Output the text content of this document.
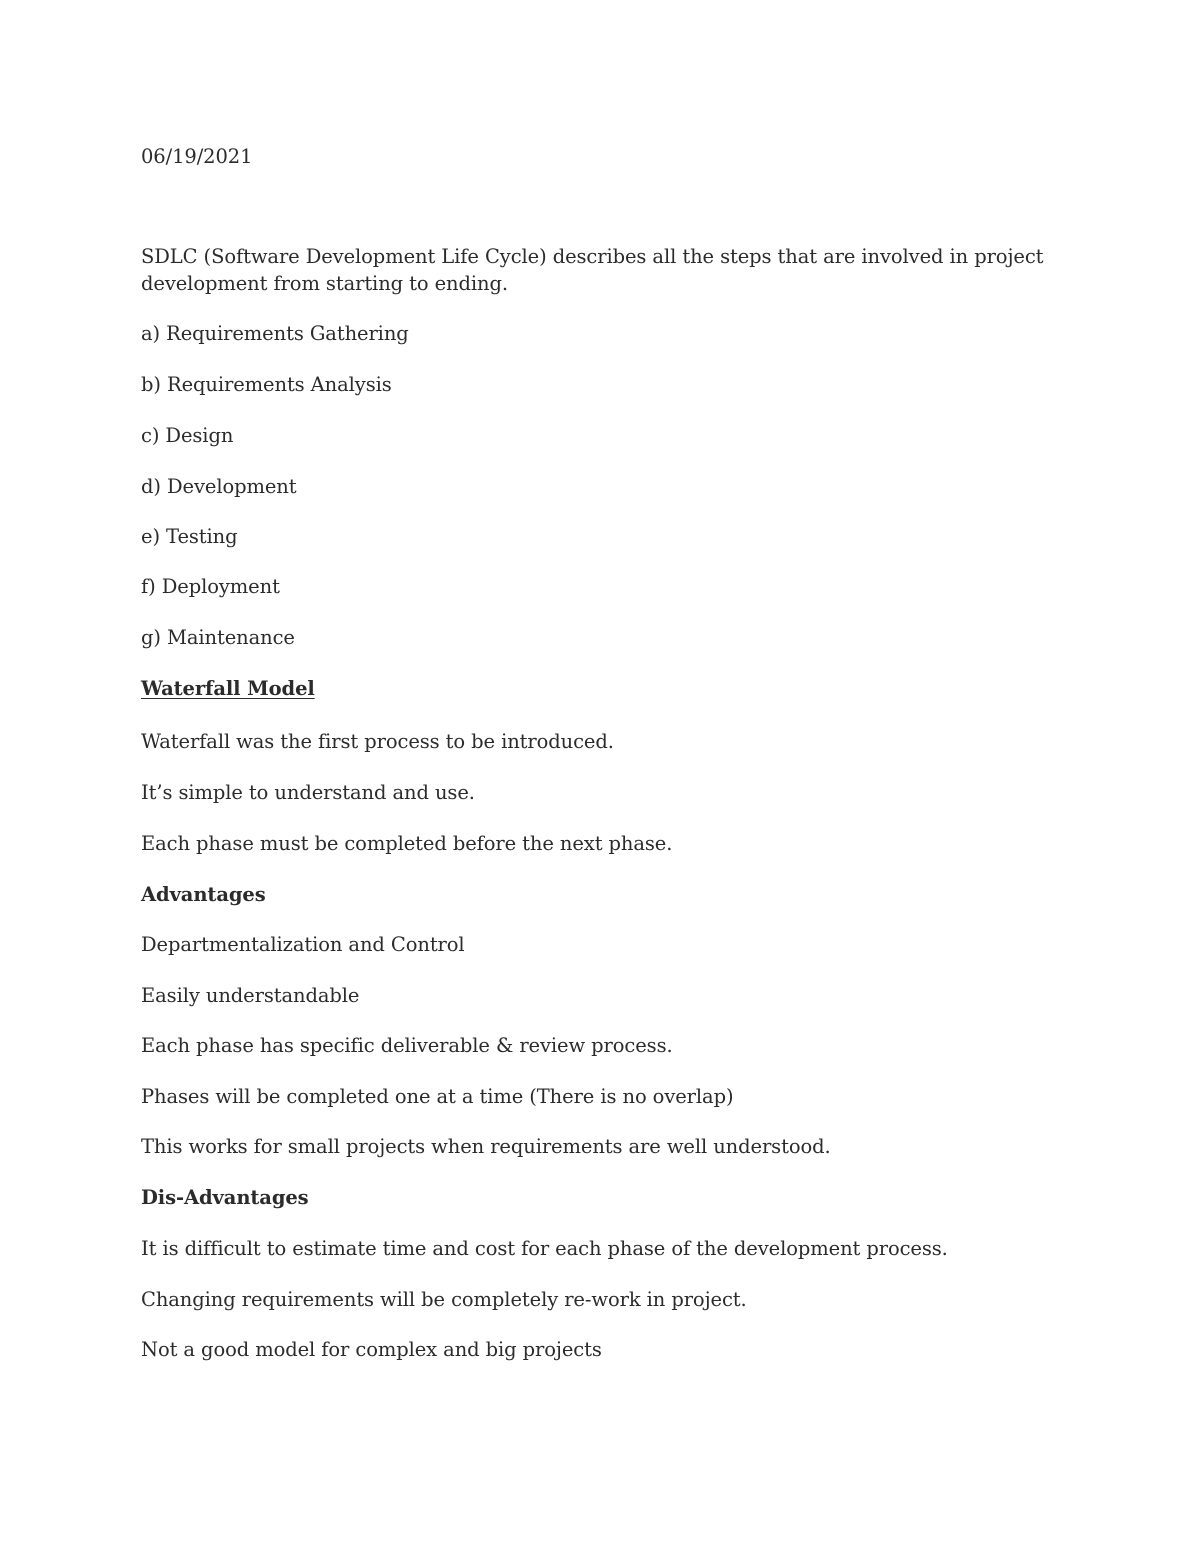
06/19/2021
SDLC (Software Development Life Cycle) describes all the steps that are involved in project
development from starting to ending.
a) Requirements Gathering
b) Requirements Analysis
c) Design
d) Development
e) Testing
f) Deployment
g) Maintenance
Waterfall Model
Waterfall was the first process to be introduced.
It’s simple to understand and use.
Each phase must be completed before the next phase.
Advantages
Departmentalization and Control
Easily understandable
Each phase has specific deliverable & review process.
Phases will be completed one at a time (There is no overlap)
This works for small projects when requirements are well understood.
Dis-Advantages
It is difficult to estimate time and cost for each phase of the development process.
Changing requirements will be completely re-work in project.
Not a good model for complex and big projects
